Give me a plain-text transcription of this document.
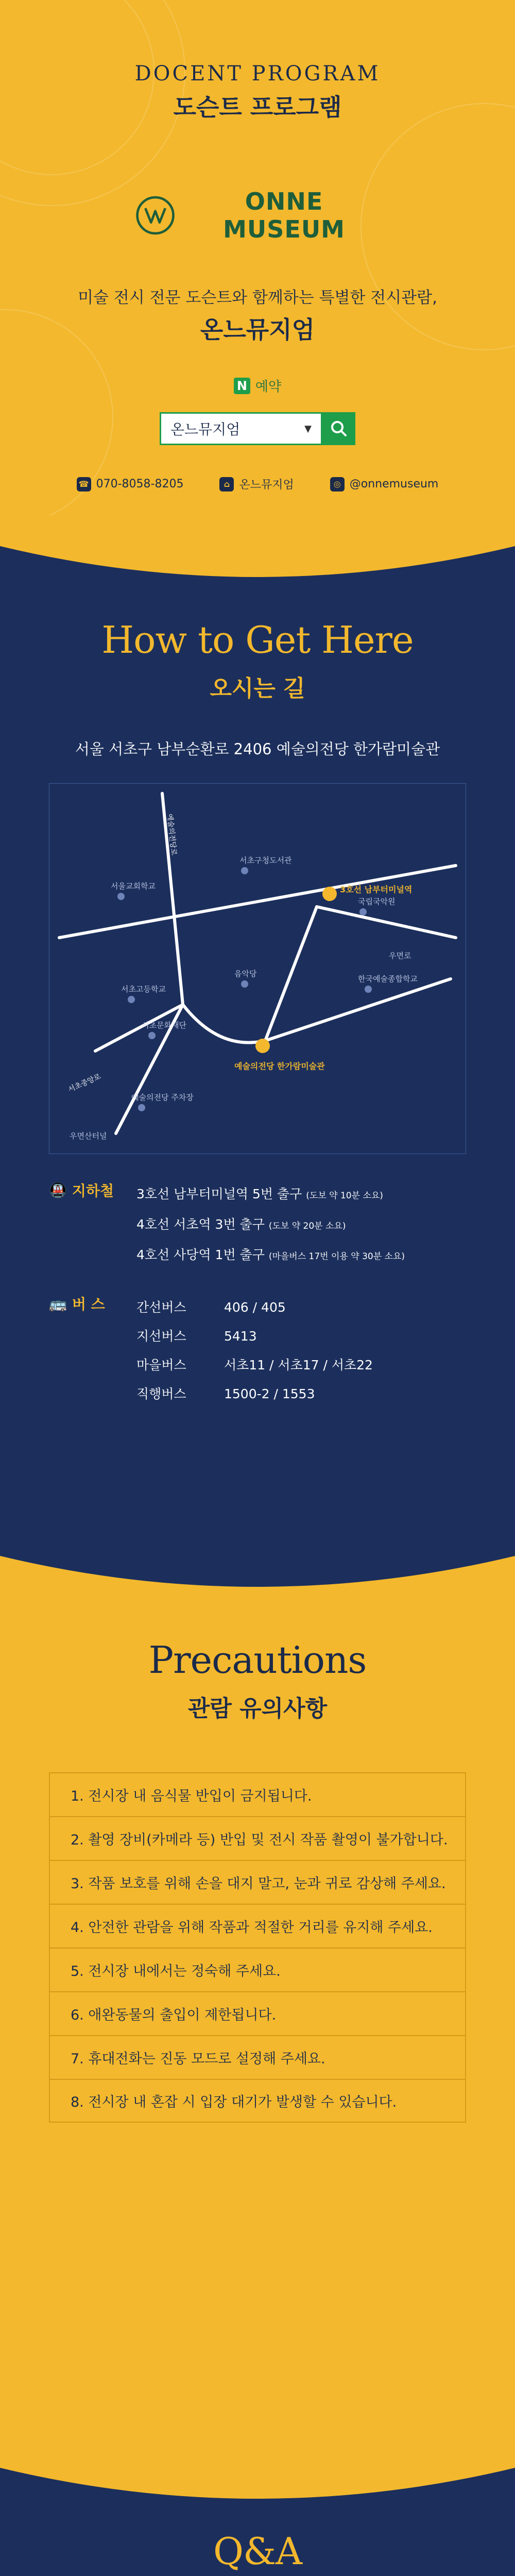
DOCENT PROGRAM
도슨트 프로그램
ONNE MUSEUM
미술 전시 전문 도슨트와 함께하는 특별한 전시관람,
온느뮤지엄
N 예약
온느뮤지엄	▼
☎ 070-8058-8205	⌂ 온느뮤지엄	◎ @onnemuseum
How to Get Here
오시는 길
서울 서초구 남부순환로 2406 예술의전당 한가람미술관
서울교회학교
서초구청도서관
국립국악원
서초고등학교
서초문화재단
음악당
한국예술종합학교
예술의전당 주차장
우면로
우면산터널
3호선 남부터미널역
예술의전당 한가람미술관
예술의전당로
서초중앙로
🚇 지하철 3호선 남부터미널역 5번 출구 (도보 약 10분 소요)
4호선 서초역 3번 출구 (도보 약 20분 소요)
4호선 사당역 1번 출구 (마을버스 17번 이용 약 30분 소요)
🚌 버 스 간선버스	406 / 405
지선버스	5413
마을버스	서초11 / 서초17 / 서초22
직행버스	1500-2 / 1553
Precautions
관람 유의사항
1. 전시장 내 음식물 반입이 금지됩니다.
2. 촬영 장비(카메라 등) 반입 및 전시 작품 촬영이 불가합니다.
3. 작품 보호를 위해 손을 대지 말고, 눈과 귀로 감상해 주세요.
4. 안전한 관람을 위해 작품과 적절한 거리를 유지해 주세요.
5. 전시장 내에서는 정숙해 주세요.
6. 애완동물의 출입이 제한됩니다.
7. 휴대전화는 진동 모드로 설정해 주세요.
8. 전시장 내 혼잡 시 입장 대기가 발생할 수 있습니다.
Q&A
